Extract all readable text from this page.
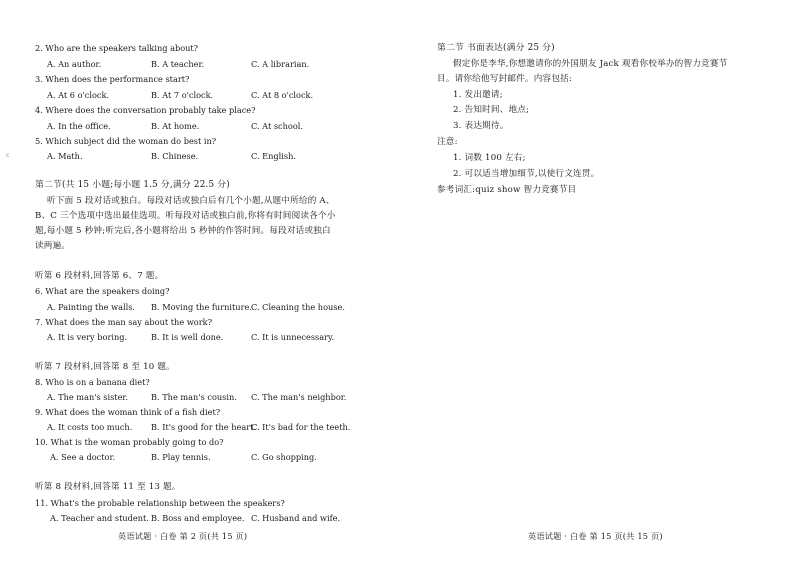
ε
2. Who are the speakers talking about?
A. An author.	B. A teacher.	C. A librarian.
3. When does the performance start?
A. At 6 o'clock.	B. At 7 o'clock.	C. At 8 o'clock.
4. Where does the conversation probably take place?
A. In the office.	B. At home.	C. At school.
5. Which subject did the woman do best in?
A. Math.	B. Chinese.	C. English.
第二节(共 15 小题;每小题 1.5 分,满分 22.5 分)
听下面 5 段对话或独白。每段对话或独白后有几个小题,从题中所给的 A、
B、C 三个选项中选出最佳选项。听每段对话或独白前,你将有时间阅读各个小
题,每小题 5 秒钟;听完后,各小题将给出 5 秒钟的作答时间。每段对话或独白
读两遍。
听第 6 段材料,回答第 6、7 题。
6. What are the speakers doing?
A. Painting the walls. B. Moving the furniture. C. Cleaning the house.
7. What does the man say about the work?
A. It is very boring.	B. It is well done.	C. It is unnecessary.
听第 7 段材料,回答第 8 至 10 题。
8. Who is on a banana diet?
A. The man's sister.	B. The man's cousin. C. The man's neighbor.
9. What does the woman think of a fish diet?
A. It costs too much. B. It's good for the heart.
C. It's bad for the teeth.
10. What is the woman probably going to do?
A. See a doctor.	B. Play tennis.	C. Go shopping.
听第 8 段材料,回答第 11 至 13 题。
11. What's the probable relationship between the speakers?
A. Teacher and student. B. Boss and employee. C. Husband and wife.
英语试题 · 白卷 第 2 页(共 15 页)
第二节 书面表达(满分 25 分)
假定你是李华,你想邀请你的外国朋友 Jack 观看你校举办的智力竞赛节
目。请你给他写封邮件。内容包括:
1. 发出邀请;
2. 告知时间、地点;
3. 表达期待。
注意:
1. 词数 100 左右;
2. 可以适当增加细节,以使行文连贯。
参考词汇:quiz show 智力竞赛节目
英语试题 · 白卷 第 15 页(共 15 页)
